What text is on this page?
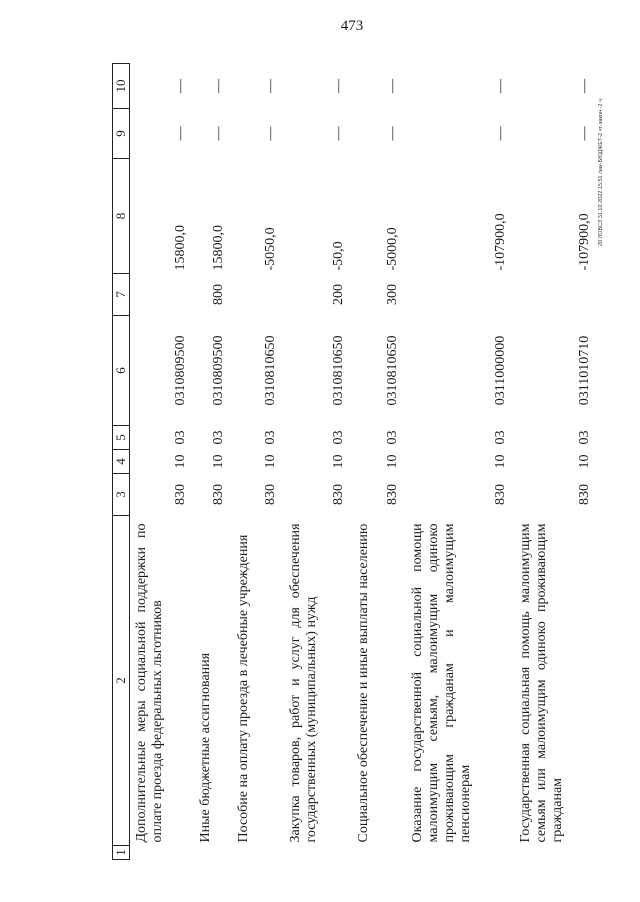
473
20 ЛОВСЗ 31.10.2022 15:51 /зак-БЮДЖЕТ-2 чт-закон -2 ч.
1	2	3	4	5	6	7	8	9	10
	Дополнительные меры социальной поддержки по оплате проезда федеральных льготников	830	10	03	0310809500		15800,0	—	—
	Иные бюджетные ассигнования	830	10	03	0310809500	800	15800,0	—	—
	Пособие на оплату проезда в лечебные учреждения	830	10	03	0310810650		-5050,0	—	—
	Закупка товаров, работ и услуг для обеспечения государственных (муниципальных) нужд	830	10	03	0310810650	200	-50,0	—	—
	Социальное обеспечение и иные выплаты населению	830	10	03	0310810650	300	-5000,0	—	—
	Оказание государственной социальной помощи малоимущим семьям, малоимущим одиноко проживающим гражданам и малоимущим пенсионерам	830	10	03	0311000000		-107900,0	—	—
	Государственная социальная помощь малоимущим семьям или малоимущим одиноко проживающим гражданам	830	10	03	0311010710		-107900,0	—	—
